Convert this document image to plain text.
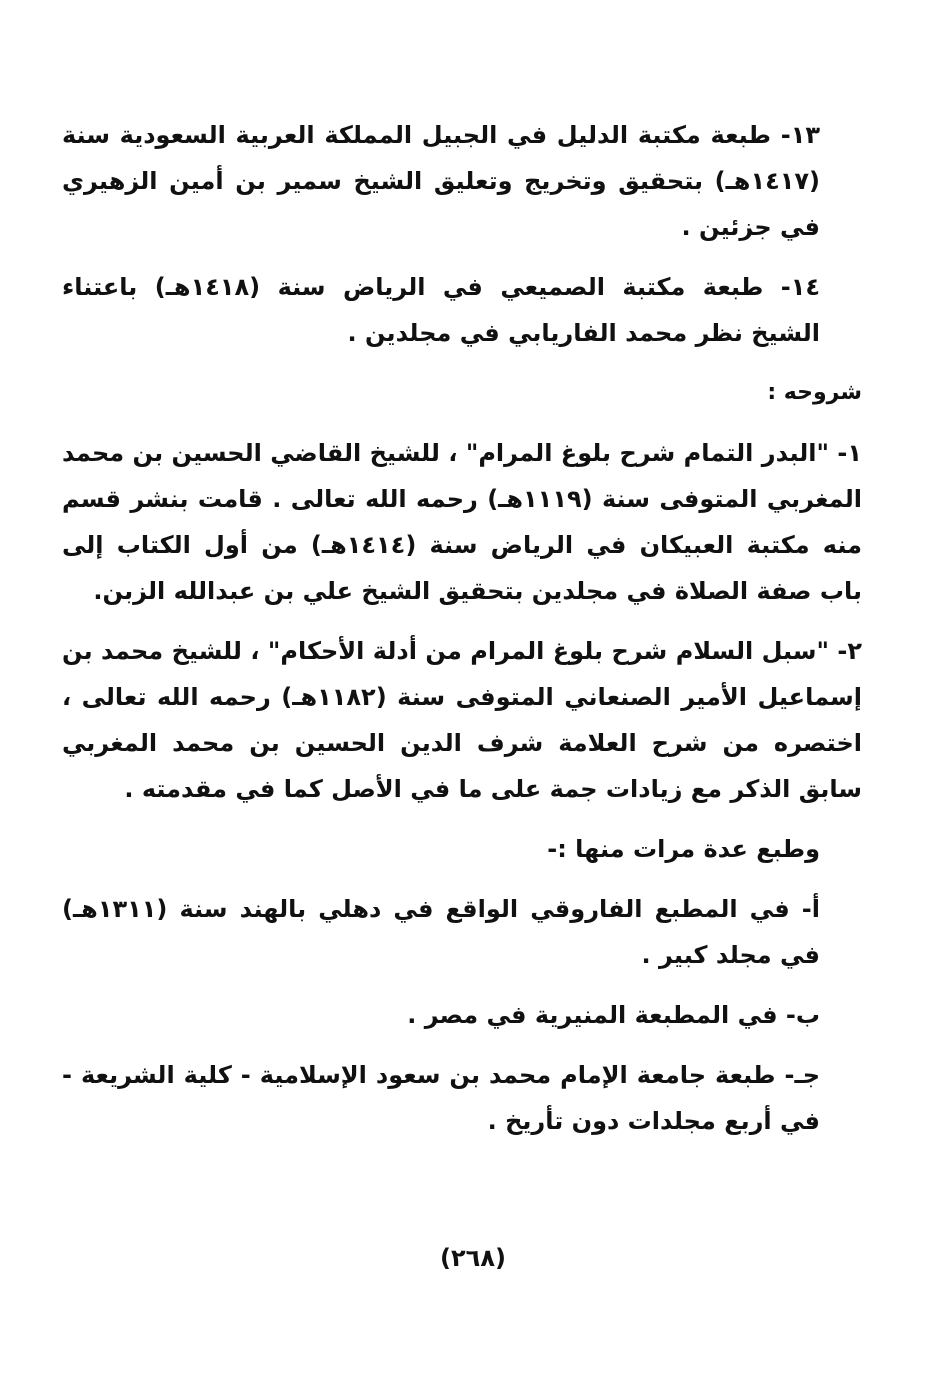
١٣- طبعة مكتبة الدليل في الجبيل المملكة العربية السعودية سنة (١٤١٧هـ) بتحقيق وتخريج وتعليق الشيخ سمير بن أمين الزهيري في جزئين .

١٤- طبعة مكتبة الصميعي في الرياض سنة (١٤١٨هـ) باعتناء الشيخ نظر محمد الفاريابي في مجلدين .

شروحه :

١- "البدر التمام شرح بلوغ المرام" ، للشيخ القاضي الحسين بن محمد المغربي المتوفى سنة (١١١٩هـ) رحمه الله تعالى . قامت بنشر قسم منه مكتبة العبيكان في الرياض سنة (١٤١٤هـ) من أول الكتاب إلى باب صفة الصلاة في مجلدين بتحقيق الشيخ علي بن عبدالله الزبن.

٢- "سبل السلام شرح بلوغ المرام من أدلة الأحكام" ، للشيخ محمد بن إسماعيل الأمير الصنعاني المتوفى سنة (١١٨٢هـ) رحمه الله تعالى ، اختصره من شرح العلامة شرف الدين الحسين بن محمد المغربي سابق الذكر مع زيادات جمة على ما في الأصل كما في مقدمته .

وطبع عدة مرات منها :-

أ- في المطبع الفاروقي الواقع في دهلي بالهند سنة (١٣١١هـ) في مجلد كبير .

ب- في المطبعة المنيرية في مصر .

جـ- طبعة جامعة الإمام محمد بن سعود الإسلامية - كلية الشريعة - في أربع مجلدات دون تأريخ .

(٢٦٨)
